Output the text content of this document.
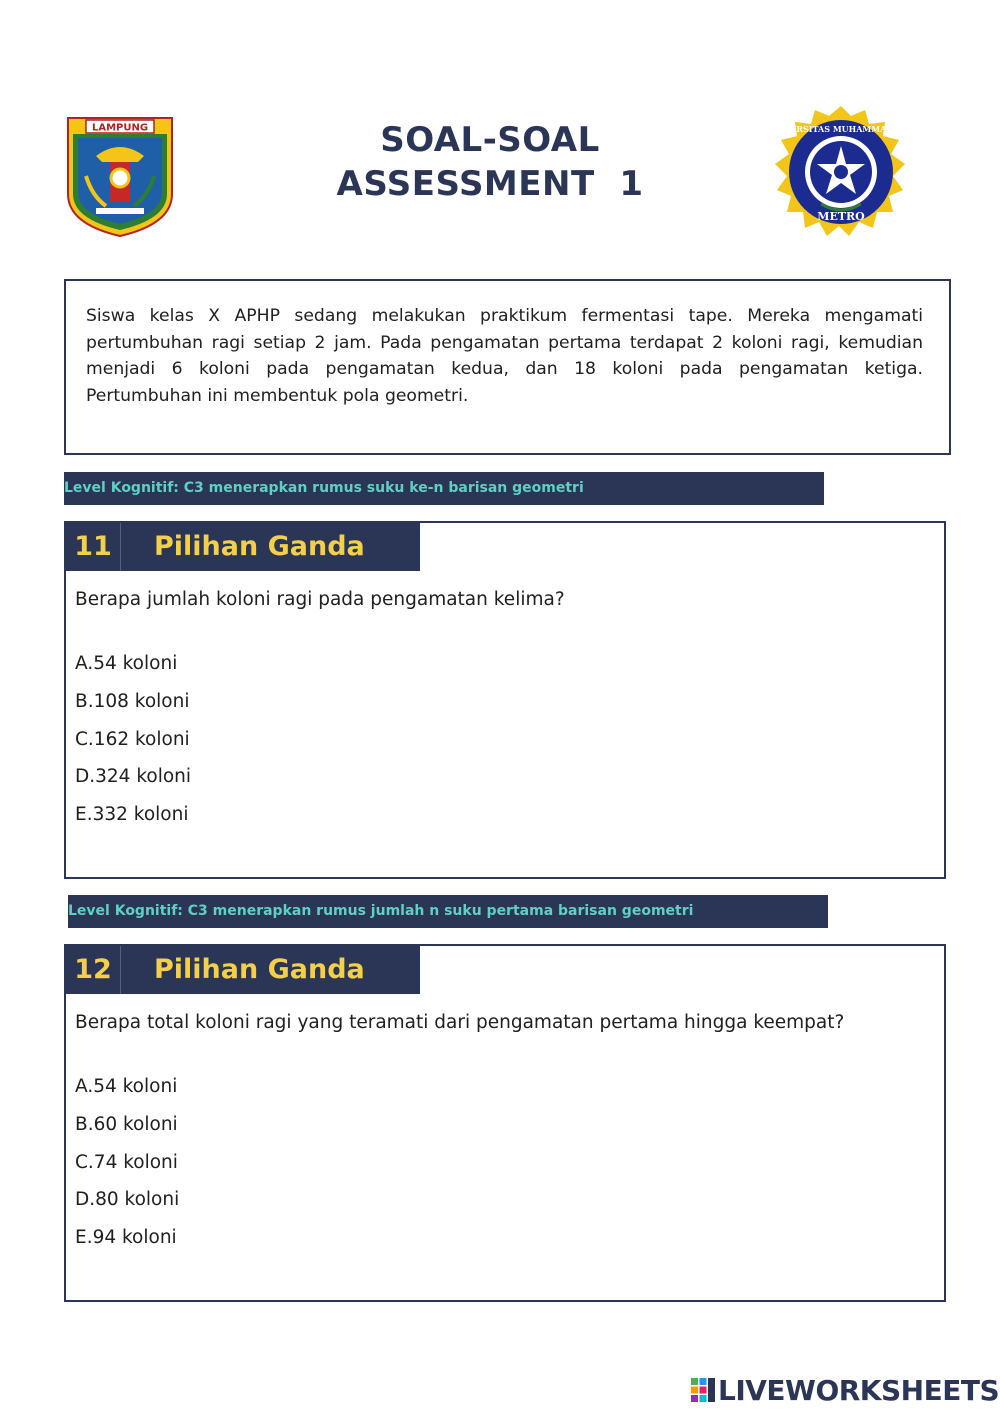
LAMPUNG	SOAL-SOAL
ASSESSMENT  1
UNIVERSITAS MUHAMMADIYAH
METRO
Siswa kelas X APHP sedang melakukan praktikum fermentasi tape. Mereka mengamati pertumbuhan ragi setiap 2 jam. Pada pengamatan pertama terdapat 2 koloni ragi, kemudian menjadi 6 koloni pada pengamatan kedua, dan 18 koloni pada pengamatan ketiga. Pertumbuhan ini membentuk pola geometri.
Level Kognitif: C3 menerapkan rumus suku ke-n barisan geometri
11	Pilihan Ganda
Berapa jumlah koloni ragi pada pengamatan kelima?
A.54 koloni
B.108 koloni
C.162 koloni
D.324 koloni
E.332 koloni
Level Kognitif: C3 menerapkan rumus jumlah n suku pertama barisan geometri
12	Pilihan Ganda
Berapa total koloni ragi yang teramati dari pengamatan pertama hingga keempat?
A.54 koloni
B.60 koloni
C.74 koloni
D.80 koloni
E.94 koloni
LIVEWORKSHEETS
